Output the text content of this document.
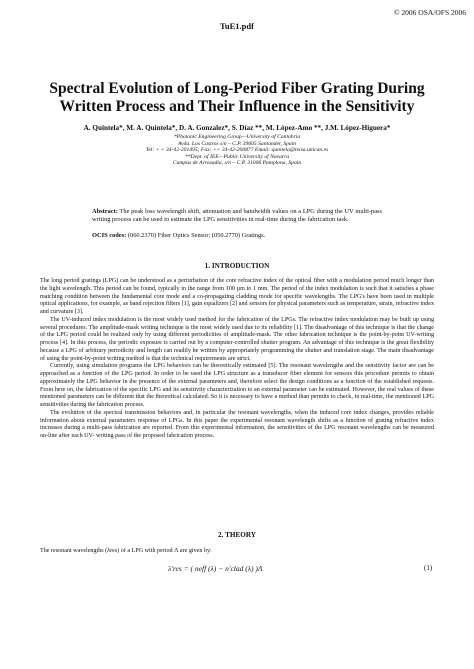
© 2006 OSA/OFS 2006
TuE1.pdf
Spectral Evolution of Long-Period Fiber Grating During
Written Process and Their Influence in the Sensitivity
A. Quintela*, M. A. Quintela*, D. A. Gonzalez*, S. Díaz **, M. López-Amo **, J.M. López-Higuera*
*Photonic Engineering Group—University of Cantabria
Avda. Los Castros s/n – C.P. 39005 Santander, Spain
Tel: + + 34-42-201495; Fax: ++ 34-42-200877 Email: quintela@teisa.unican.es
**Dept. of IEE—Public University of Navarra
Campus de Arrosadia, s/n – C.P. 31006 Pamplona, Spain
Abstract: The peak loss wavelength shift, attenuation and bandwidth values on a LPG during the UV multi-pass writing process can be used to estimate the LPG sensitivities in real-time during the fabrication task.
OCIS codes: (060.2370) Fiber Optics Sensor; (050.2770) Gratings.
1. INTRODUCTION

The long period gratings (LPG) can be understood as a perturbation of the core refractive index of the optical fiber with a modulation period much longer than the light wavelength. This period can be found, typically in the range from 100 µm to 1 mm. The period of the index modulation is such that it satisfies a phase matching condition between the fundamental core mode and a co-propagating cladding mode for specific wavelengths. The LPG's have been used in multiple optical applications, for example, as band rejection filters [1], gain equalizers [2] and sensors for physical parameters such as temperature, strain, refractive index and curvature [3].

The UV-induced index modulation is the most widely used method for the fabrication of the LPGs. The refractive index modulation may be built up using several procedures. The amplitude-mask writing technique is the most widely used due to its reliability [1]. The disadvantage of this technique is that the change of the LPG period could be realized only by using different periodicities of amplitude-mask. The other fabrication technique is the point-by-point UV-writing process [4]. In this process, the periodic exposure is carried out by a computer-controlled shutter program. An advantage of this technique is the great flexibility because a LPG of arbitrary periodicity and length can readily be written by appropriately programming the shutter and translation stage. The main disadvantage of using the point-by-point writing method is that the technical requirements are strict.

Currently, using simulation programs the LPG behaviors can be theoretically estimated [5]. The resonant wavelengths and the sensitivity factor are can be approached as a function of the LPG period. In order to be used the LPG structure as a transducer fiber element for sensors this procedure permits to obtain approximately the LPG behavior in the presence of the external parameters and, therefore select the design conditions as a function of the established requests. From here on, the fabrication of the specific LPG and its sensitivity characterization to an external parameter can be estimated. However, the real values of these mentioned parameters can be different that the theoretical calculated. So it is necessary to have a method than permits to check, in real-time, the mentioned LPG sensitivities during the fabrication process.

The evolution of the spectral transmission behaviors and, in particular the resonant wavelengths, when the induced core index changes, provides reliable information about external parameters response of LPGs. In this paper the experimental resonant wavelength shifts as a function of grating refractive index increases during a multi-pass fabrication are reported. From this experimental information, the sensitivities of the LPG resonant wavelengths can be measured on-line after each UV- writing pass of the proposed fabrication process.

2. THEORY

The resonant wavelengths (λres) of a LPG with period Λ are given by:

λ'res = ( neff (λ) − n'clad (λ) )Λ	(1)
